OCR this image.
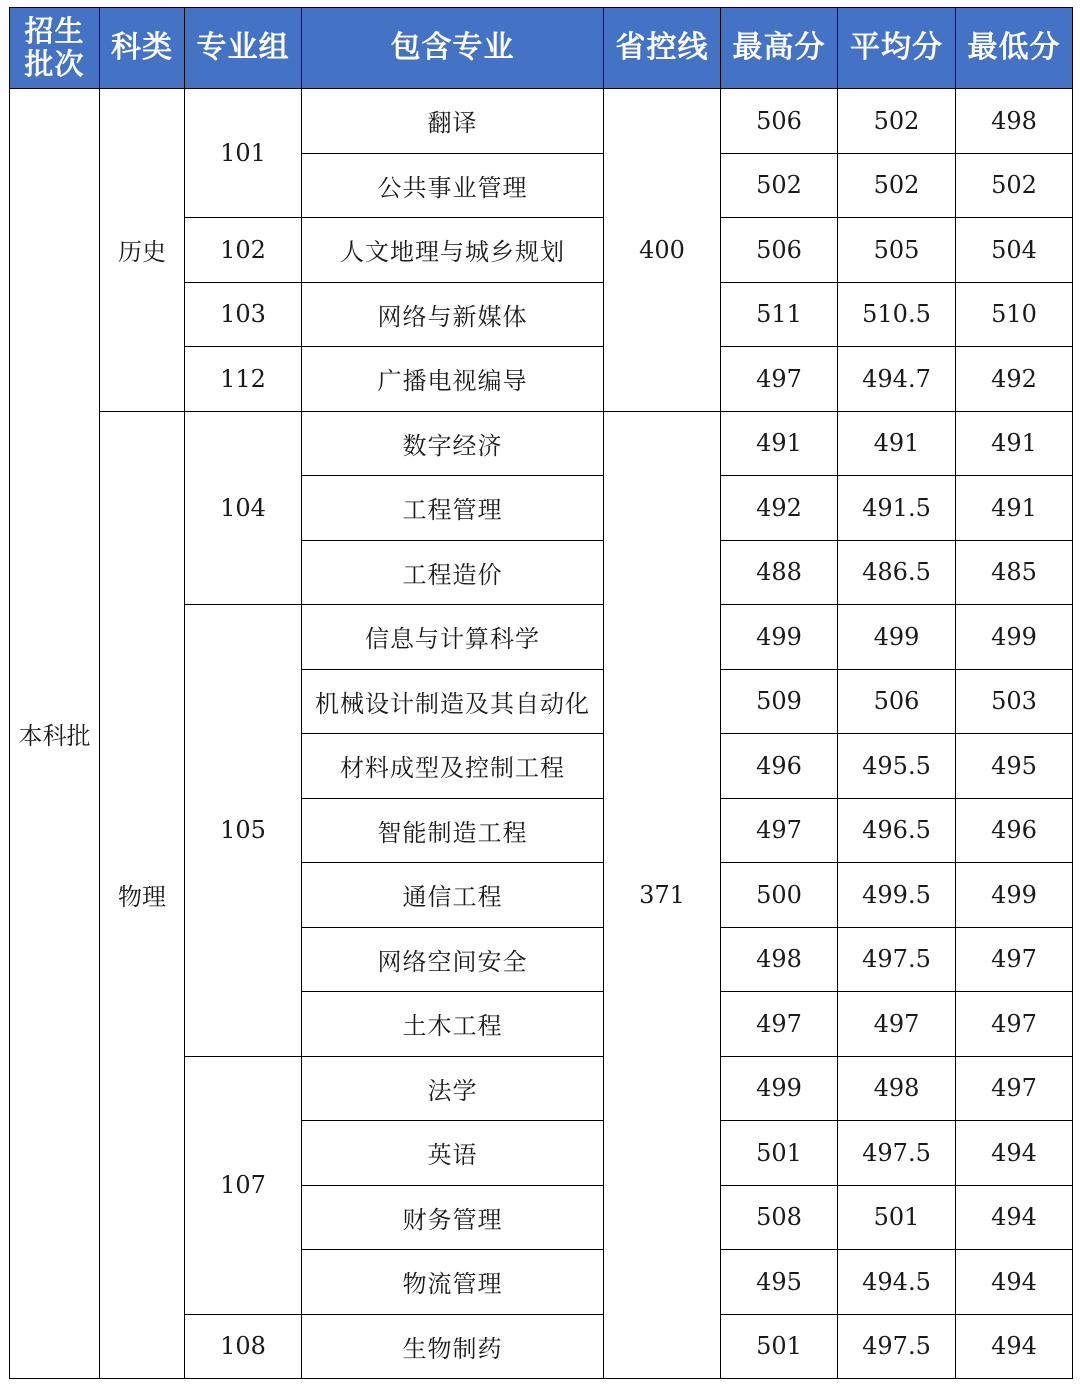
招生批次	科类	专业组	包含专业	省控线	最高分	平均分	最低分
本科批	历史	101	翻译	400	506	502	498
			公共事业管理		502	502	502
		102	人文地理与城乡规划		506	505	504
		103	网络与新媒体		511	510.5	510
		112	广播电视编导		497	494.7	492
	物理	104	数字经济	371	491	491	491
			工程管理		492	491.5	491
			工程造价		488	486.5	485
		105	信息与计算科学		499	499	499
			机械设计制造及其自动化		509	506	503
			材料成型及控制工程		496	495.5	495
			智能制造工程		497	496.5	496
			通信工程		500	499.5	499
			网络空间安全		498	497.5	497
			土木工程		497	497	497
		107	法学		499	498	497
			英语		501	497.5	494
			财务管理		508	501	494
			物流管理		495	494.5	494
		108	生物制药		501	497.5	494
